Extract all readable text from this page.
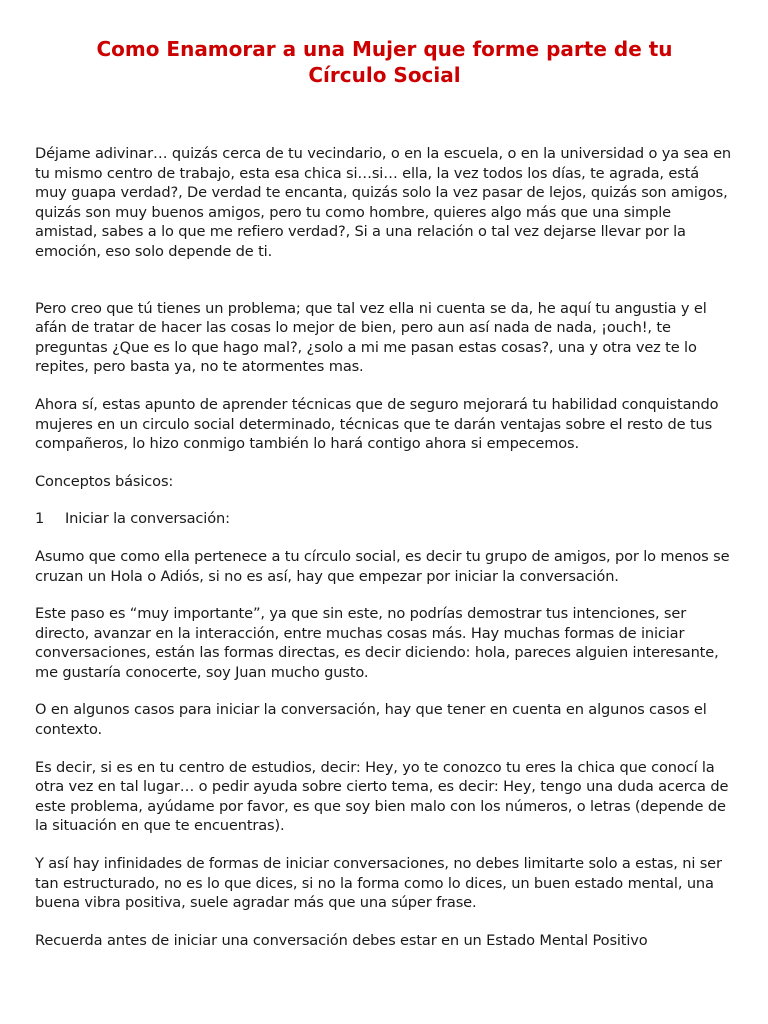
Como Enamorar a una Mujer que forme parte de tu Círculo Social

Déjame adivinar… quizás cerca de tu vecindario, o en la escuela, o en la universidad o ya sea en tu mismo centro de trabajo, esta esa chica si…si… ella, la vez todos los días, te agrada, está muy guapa verdad?, De verdad te encanta, quizás solo la vez pasar de lejos, quizás son amigos, quizás son muy buenos amigos, pero tu como hombre, quieres algo más que una simple amistad, sabes a lo que me refiero verdad?, Si a una relación o tal vez dejarse llevar por la emoción, eso solo depende de ti.

Pero creo que tú tienes un problema; que tal vez ella ni cuenta se da, he aquí tu angustia y el afán de tratar de hacer las cosas lo mejor de bien, pero aun así nada de nada, ¡ouch!, te preguntas ¿Que es lo que hago mal?, ¿solo a mi me pasan estas cosas?, una y otra vez te lo repites, pero basta ya, no te atormentes mas.

Ahora sí, estas apunto de aprender técnicas que de seguro mejorará tu habilidad conquistando mujeres en un circulo social determinado, técnicas que te darán ventajas sobre el resto de tus compañeros, lo hizo conmigo también lo hará contigo ahora si empecemos.

Conceptos básicos:

1	Iniciar la conversación:

Asumo que como ella pertenece a tu círculo social, es decir tu grupo de amigos, por lo menos se cruzan un Hola o Adiós, si no es así, hay que empezar por iniciar la conversación.

Este paso es “muy importante”, ya que sin este, no podrías demostrar tus intenciones, ser directo, avanzar en la interacción, entre muchas cosas más. Hay muchas formas de iniciar conversaciones, están las formas directas, es decir diciendo: hola, pareces alguien interesante, me gustaría conocerte, soy Juan mucho gusto.

O en algunos casos para iniciar la conversación, hay que tener en cuenta en algunos casos el contexto.

Es decir, si es en tu centro de estudios, decir: Hey, yo te conozco tu eres la chica que conocí la otra vez en tal lugar… o pedir ayuda sobre cierto tema, es decir: Hey, tengo una duda acerca de este problema, ayúdame por favor, es que soy bien malo con los números, o letras (depende de la situación en que te encuentras).

Y así hay infinidades de formas de iniciar conversaciones, no debes limitarte solo a estas, ni ser tan estructurado, no es lo que dices, si no la forma como lo dices, un buen estado mental, una buena vibra positiva, suele agradar más que una súper frase.

Recuerda antes de iniciar una conversación debes estar en un Estado Mental Positivo
